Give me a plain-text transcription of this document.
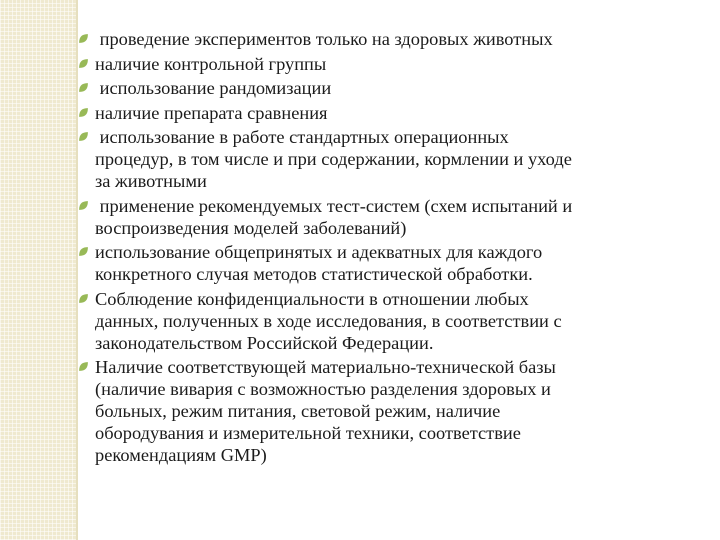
проведение экспериментов только на здоровых животных
наличие контрольной группы
использование рандомизации
наличие препарата сравнения
использование в работе стандартных операционных
процедур, в том числе и при содержании, кормлении и уходе
за животными
применение рекомендуемых тест-систем (схем испытаний и
воспроизведения моделей заболеваний)
использование общепринятых и адекватных для каждого
конкретного случая методов статистической обработки.
Соблюдение конфиденциальности в отношении любых
данных, полученных в ходе исследования, в соответствии с
законодательством Российской Федерации.
Наличие соответствующей материально-технической базы
(наличие вивария с возможностью разделения здоровых и
больных, режим питания, световой режим, наличие
обородувания и измерительной техники, соответствие
рекомендациям GMP)
